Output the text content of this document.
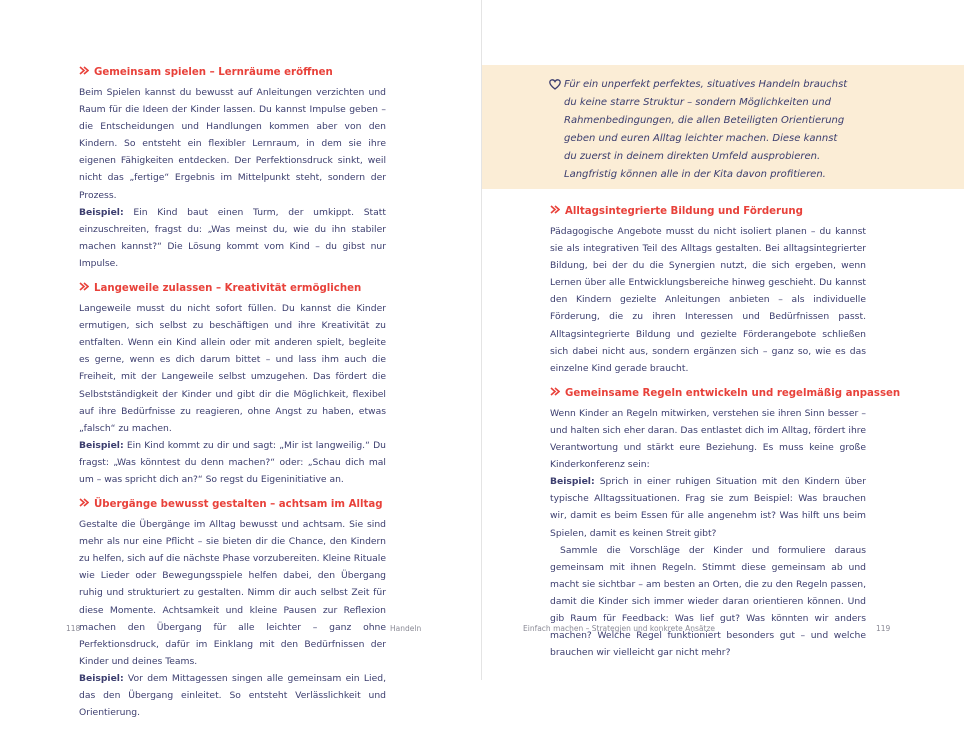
Gemeinsam spielen – Lernräume eröffnen

Beim Spielen kannst du bewusst auf Anleitungen verzichten und Raum für die Ideen der Kinder lassen. Du kannst Impulse geben – die Entscheidungen und Handlungen kommen aber von den Kindern. So entsteht ein flexibler Lernraum, in dem sie ihre eigenen Fähigkeiten entdecken. Der Perfektionsdruck sinkt, weil nicht das „fertige“ Ergebnis im Mittelpunkt steht, sondern der Prozess.
Beispiel: Ein Kind baut einen Turm, der umkippt. Statt einzuschreiten, fragst du: „Was meinst du, wie du ihn stabiler machen kannst?“ Die Lösung kommt vom Kind – du gibst nur Impulse.

Langeweile zulassen – Kreativität ermöglichen

Langeweile musst du nicht sofort füllen. Du kannst die Kinder ermutigen, sich selbst zu beschäftigen und ihre Kreativität zu entfalten. Wenn ein Kind allein oder mit anderen spielt, begleite es gerne, wenn es dich darum bittet – und lass ihm auch die Freiheit, mit der Langeweile selbst umzugehen. Das fördert die Selbstständigkeit der Kinder und gibt dir die Möglichkeit, flexibel auf ihre Bedürfnisse zu reagieren, ohne Angst zu haben, etwas „falsch“ zu machen.
Beispiel: Ein Kind kommt zu dir und sagt: „Mir ist langweilig.“ Du fragst: „Was könntest du denn machen?“ oder: „Schau dich mal um – was spricht dich an?“ So regst du Eigeninitiative an.

Übergänge bewusst gestalten – achtsam im Alltag

Gestalte die Übergänge im Alltag bewusst und achtsam. Sie sind mehr als nur eine Pflicht – sie bieten dir die Chance, den Kindern zu helfen, sich auf die nächste Phase vorzubereiten. Kleine Rituale wie Lieder oder Bewegungsspiele helfen dabei, den Übergang ruhig und strukturiert zu gestalten. Nimm dir auch selbst Zeit für diese Momente. Achtsamkeit und kleine Pausen zur Reflexion machen den Übergang für alle leichter – ganz ohne Perfektionsdruck, dafür im Einklang mit den Bedürfnissen der Kinder und deines Teams.
Beispiel: Vor dem Mittagessen singen alle gemeinsam ein Lied, das den Übergang einleitet. So entsteht Verlässlichkeit und Orientierung.

118	Handeln
Für ein unperfekt perfektes, situatives Handeln brauchst
du keine starre Struktur – sondern Möglichkeiten und
Rahmenbedingungen, die allen Beteiligten Orientierung
geben und euren Alltag leichter machen. Diese kannst
du zuerst in deinem direkten Umfeld ausprobieren.
Langfristig können alle in der Kita davon profitieren.
Alltagsintegrierte Bildung und Förderung

Pädagogische Angebote musst du nicht isoliert planen – du kannst sie als integrativen Teil des Alltags gestalten. Bei alltagsintegrierter Bildung, bei der du die Synergien nutzt, die sich ergeben, wenn Lernen über alle Entwicklungsbereiche hinweg geschieht. Du kannst den Kindern gezielte Anleitungen anbieten – als individuelle Förderung, die zu ihren Interessen und Bedürfnissen passt. Alltagsintegrierte Bildung und gezielte Förderangebote schließen sich dabei nicht aus, sondern ergänzen sich – ganz so, wie es das einzelne Kind gerade braucht.

Gemeinsame Regeln entwickeln und regelmäßig anpassen

Wenn Kinder an Regeln mitwirken, verstehen sie ihren Sinn besser – und halten sich eher daran. Das entlastet dich im Alltag, fördert ihre Verantwortung und stärkt eure Beziehung. Es muss keine große Kinderkonferenz sein:
Beispiel: Sprich in einer ruhigen Situation mit den Kindern über typische Alltagssituationen. Frag sie zum Beispiel: Was brauchen wir, damit es beim Essen für alle angenehm ist? Was hilft uns beim Spielen, damit es keinen Streit gibt?

Sammle die Vorschläge der Kinder und formuliere daraus gemeinsam mit ihnen Regeln. Stimmt diese gemeinsam ab und macht sie sichtbar – am besten an Orten, die zu den Regeln passen, damit die Kinder sich immer wieder daran orientieren können. Und gib Raum für Feedback: Was lief gut? Was könnten wir anders machen? Welche Regel funktioniert besonders gut – und welche brauchen wir vielleicht gar nicht mehr?

Einfach machen – Strategien und konkrete Ansätze	119
